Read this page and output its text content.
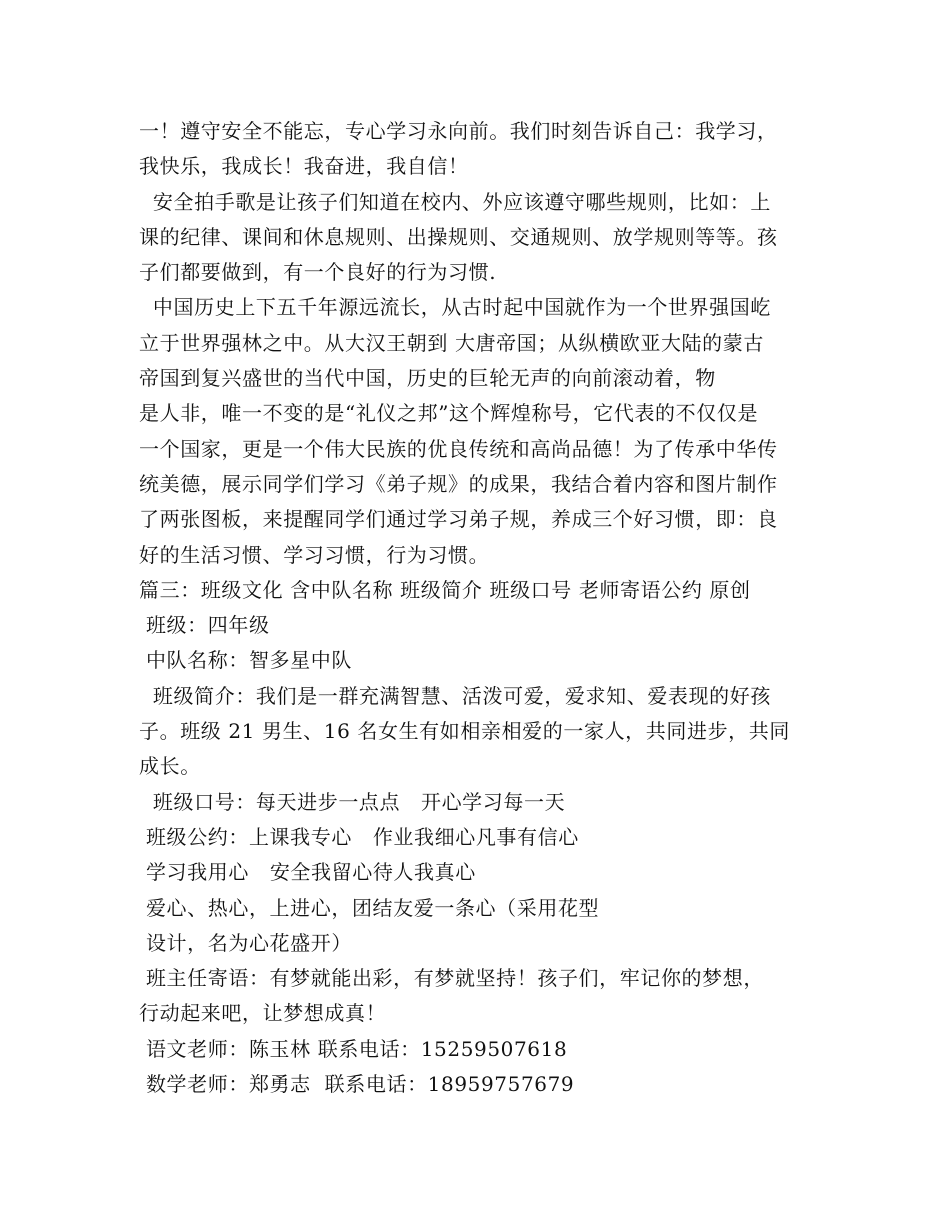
一！遵守安全不能忘，专心学习永向前。我们时刻告诉自己：我学习，
我快乐，我成长！我奋进，我自信！
安全拍手歌是让孩子们知道在校内、外应该遵守哪些规则，比如：上
课的纪律、课间和休息规则、出操规则、交通规则、放学规则等等。孩
子们都要做到，有一个良好的行为习惯.
中国历史上下五千年源远流长，从古时起中国就作为一个世界强国屹
立于世界强林之中。从大汉王朝到 大唐帝国；从纵横欧亚大陆的蒙古
帝国到复兴盛世的当代中国，历史的巨轮无声的向前滚动着，物
是人非，唯一不变的是“礼仪之邦”这个辉煌称号，它代表的不仅仅是
一个国家，更是一个伟大民族的优良传统和高尚品德！为了传承中华传
统美德，展示同学们学习《弟子规》的成果，我结合着内容和图片制作
了两张图板，来提醒同学们通过学习弟子规，养成三个好习惯，即：良
好的生活习惯、学习习惯，行为习惯。
篇三：班级文化 含中队名称 班级简介 班级口号 老师寄语公约 原创
班级：四年级
中队名称：智多星中队
班级简介：我们是一群充满智慧、活泼可爱，爱求知、爱表现的好孩
子。班级 21 男生、16 名女生有如相亲相爱的一家人，共同进步，共同
成长。
班级口号：每天进步一点点   开心学习每一天
班级公约：上课我专心   作业我细心凡事有信心
学习我用心   安全我留心待人我真心
爱心、热心，上进心，团结友爱一条心（采用花型
设计，名为心花盛开）
班主任寄语：有梦就能出彩，有梦就坚持！孩子们，牢记你的梦想，
行动起来吧，让梦想成真！
语文老师：陈玉林 联系电话：15259507618
数学老师：郑勇志  联系电话：18959757679
